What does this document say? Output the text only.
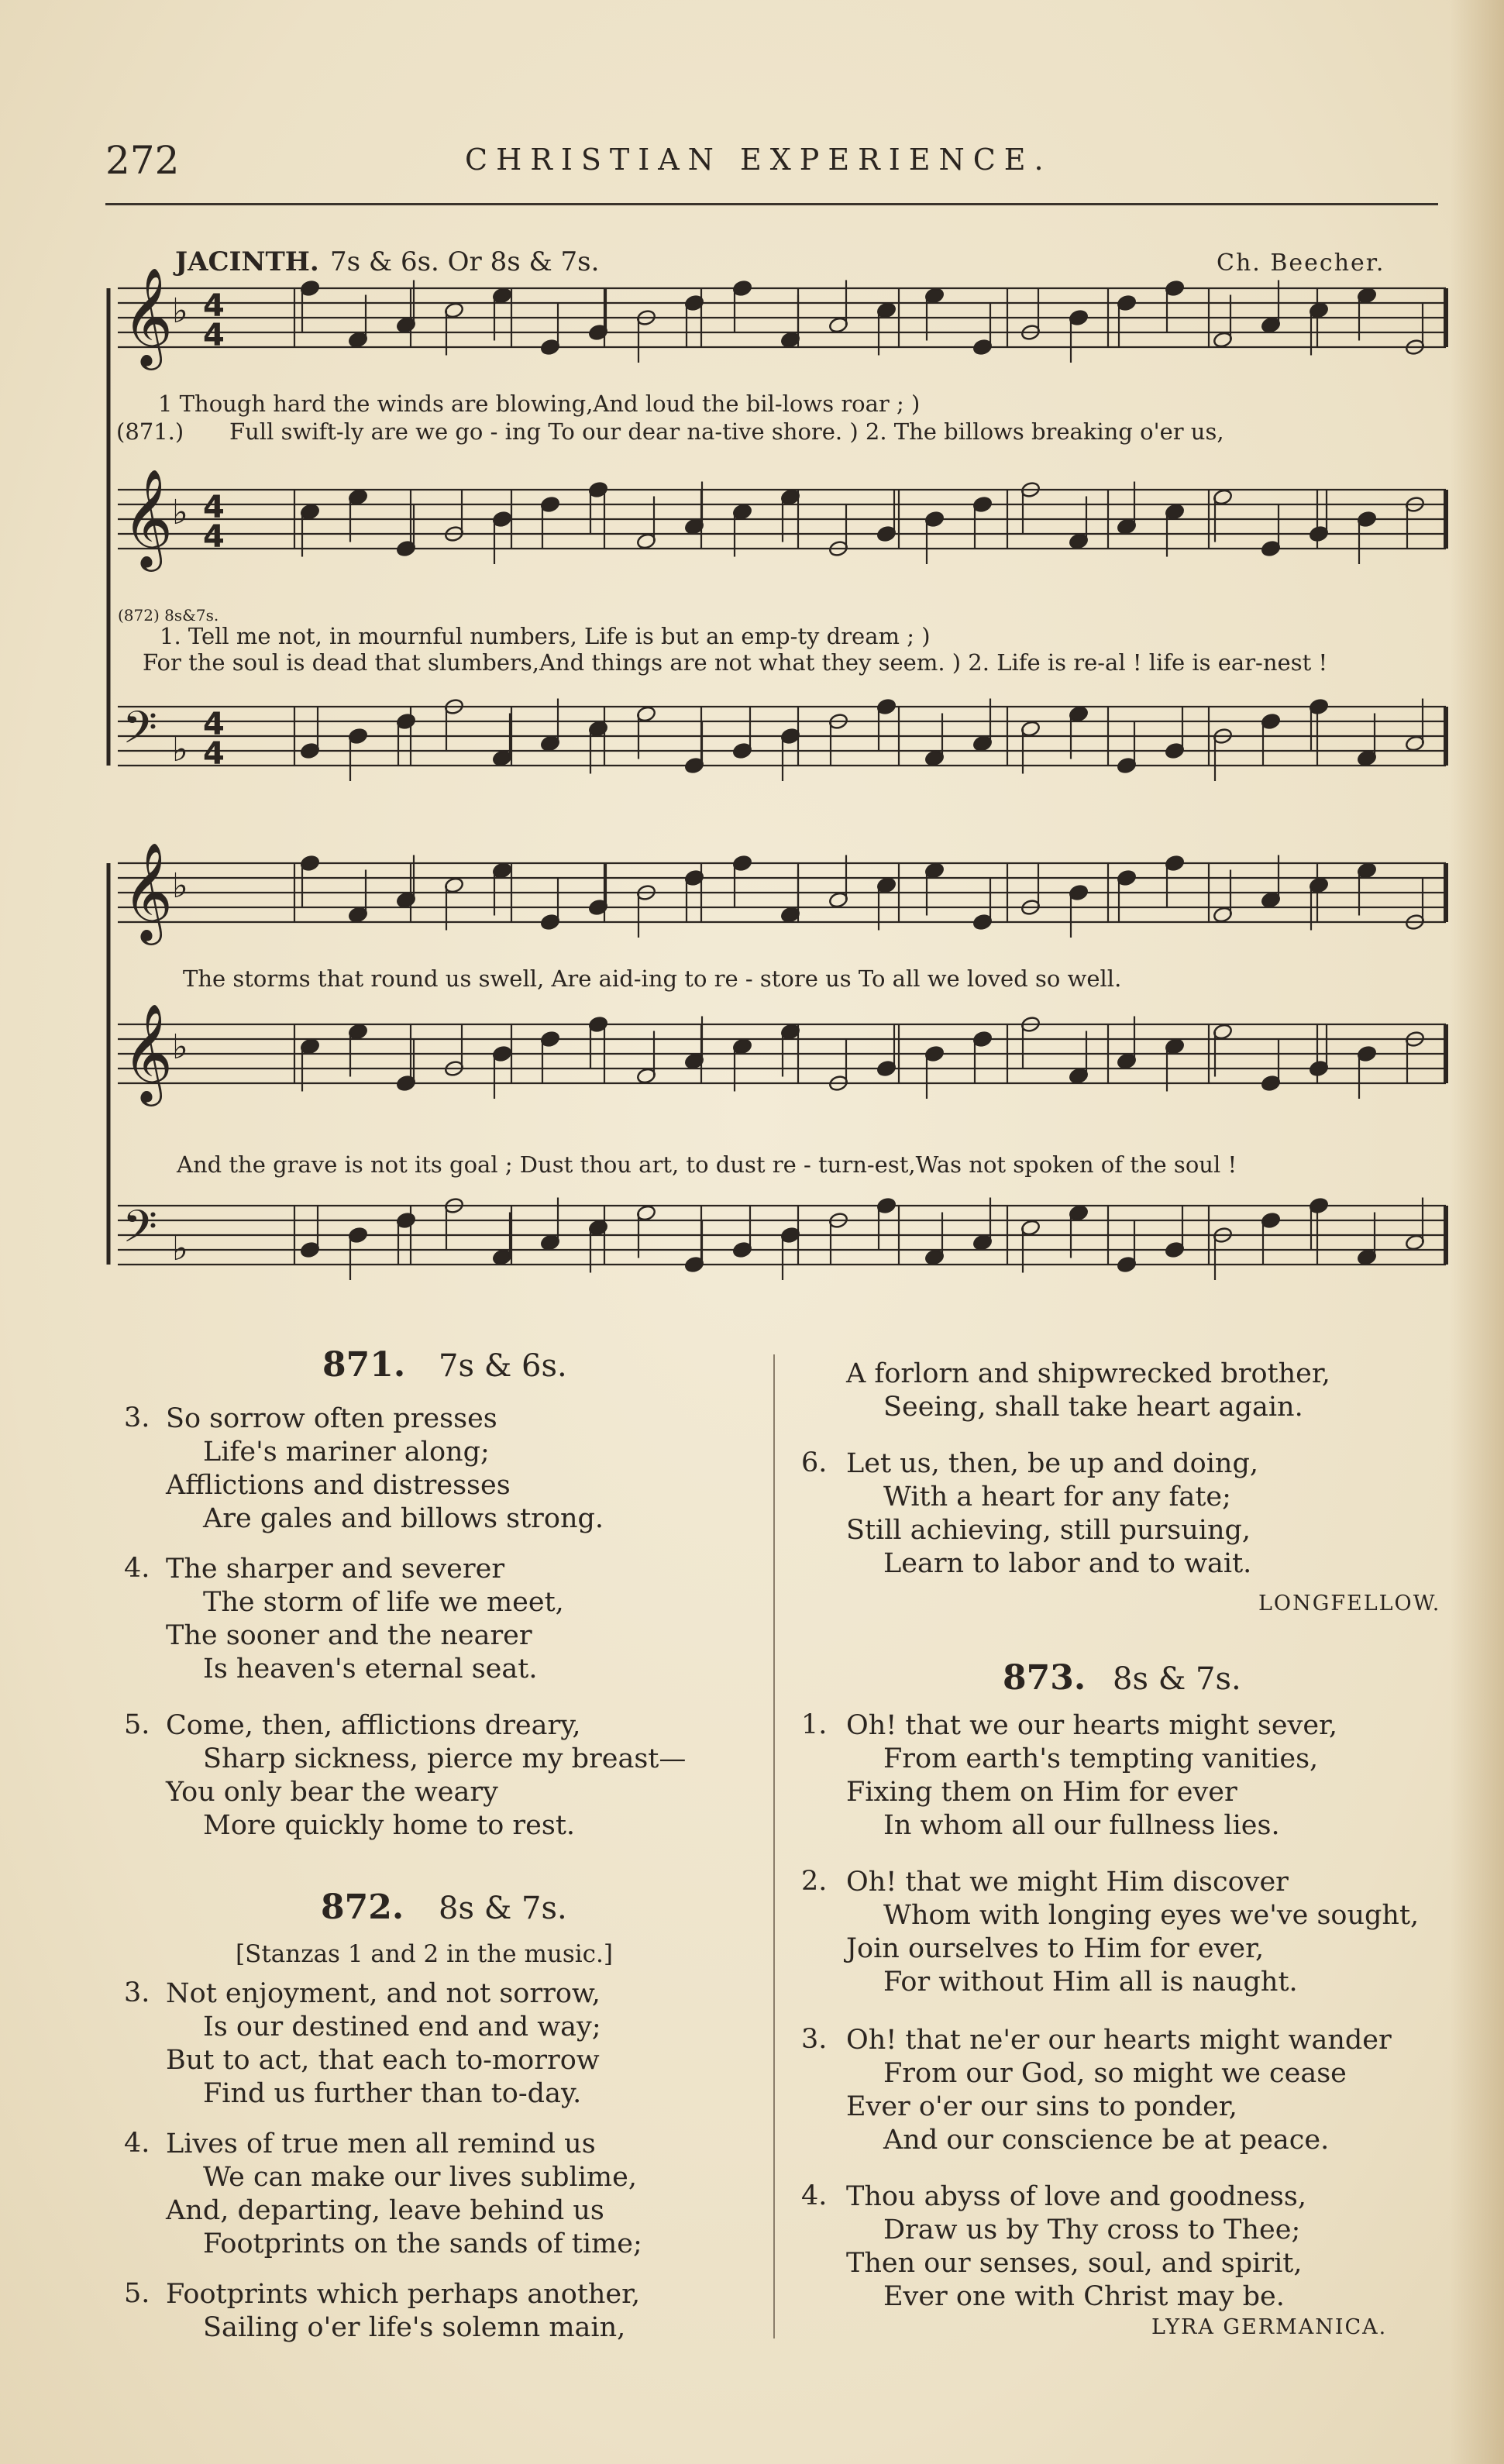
272	CHRISTIAN EXPERIENCE.
JACINTH. 7s & 6s. Or 8s & 7s.	Ch. Beecher.
𝄞
♭ 4
4
𝄞
♭ 4
4
𝄢 ♭
4
4
𝄞
♭
𝄞
♭
𝄢 ♭
1 Though hard the winds are blowing,And loud the bil-lows roar ; )
(871.) Full swift-ly are we go - ing To our dear na-tive shore. ) 2. The billows breaking o'er us,
(872) 8s&7s.
1. Tell me not, in mournful numbers, Life is but an emp-ty dream ; )
For the soul is dead that slumbers,And things are not what they seem. ) 2. Life is re-al ! life is ear-nest !
The storms that round us swell, Are aid-ing to re - store us To all we loved so well.
And the grave is not its goal ; Dust thou art, to dust re - turn-est,Was not spoken of the soul !
871. 7s & 6s.
3. So sorrow often presses
Life's mariner along;
Afflictions and distresses
Are gales and billows strong.
4. The sharper and severer
The storm of life we meet,
The sooner and the nearer
Is heaven's eternal seat.
5. Come, then, afflictions dreary,
Sharp sickness, pierce my breast—
You only bear the weary
More quickly home to rest.
872. 8s & 7s.
[Stanzas 1 and 2 in the music.]
3. Not enjoyment, and not sorrow,
Is our destined end and way;
But to act, that each to-morrow
Find us further than to-day.
4. Lives of true men all remind us
We can make our lives sublime,
And, departing, leave behind us
Footprints on the sands of time;
5. Footprints which perhaps another,
Sailing o'er life's solemn main,
A forlorn and shipwrecked brother,
Seeing, shall take heart again.
6. Let us, then, be up and doing,
With a heart for any fate;
Still achieving, still pursuing,
Learn to labor and to wait.
LONGFELLOW.
873. 8s & 7s.
1. Oh! that we our hearts might sever,
From earth's tempting vanities,
Fixing them on Him for ever
In whom all our fullness lies.
2. Oh! that we might Him discover
Whom with longing eyes we've sought,
Join ourselves to Him for ever,
For without Him all is naught.
3. Oh! that ne'er our hearts might wander
From our God, so might we cease
Ever o'er our sins to ponder,
And our conscience be at peace.
4. Thou abyss of love and goodness,
Draw us by Thy cross to Thee;
Then our senses, soul, and spirit,
Ever one with Christ may be.
LYRA GERMANICA.
